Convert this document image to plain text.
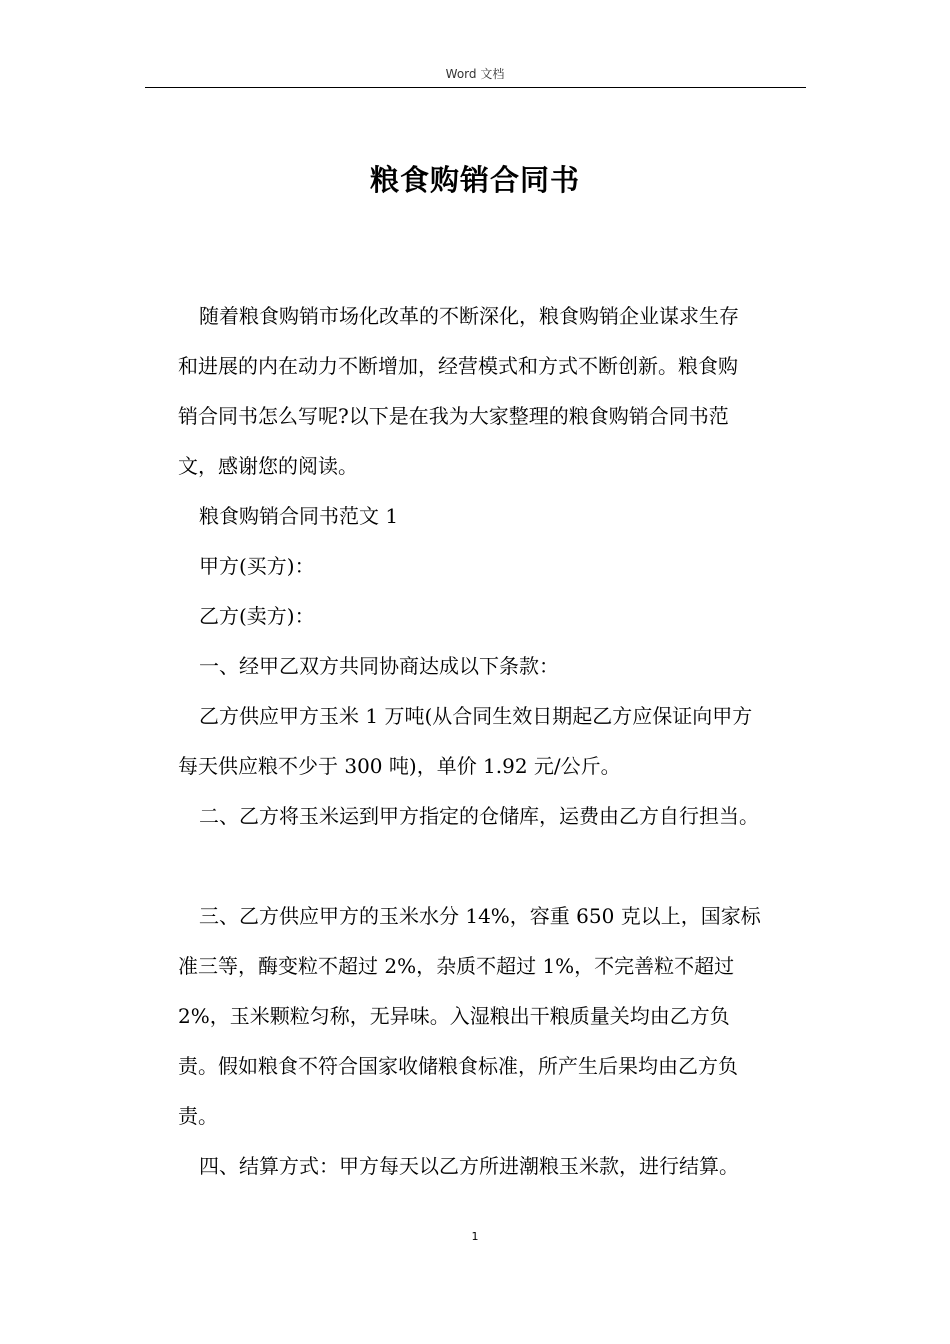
Word 文档
粮食购销合同书

随着粮食购销市场化改革的不断深化，粮食购销企业谋求生存

和进展的内在动力不断增加，经营模式和方式不断创新。粮食购

销合同书怎么写呢?以下是在我为大家整理的粮食购销合同书范

文，感谢您的阅读。

粮食购销合同书范文 1

甲方(买方)：

乙方(卖方)：

一、经甲乙双方共同协商达成以下条款：

乙方供应甲方玉米 1 万吨(从合同生效日期起乙方应保证向甲方

每天供应粮不少于 300 吨)，单价 1.92 元/公斤。

二、乙方将玉米运到甲方指定的仓储库，运费由乙方自行担当。

三、乙方供应甲方的玉米水分 14%，容重 650 克以上，国家标

准三等，酶变粒不超过 2%，杂质不超过 1%，不完善粒不超过

2%，玉米颗粒匀称，无异味。入湿粮出干粮质量关均由乙方负

责。假如粮食不符合国家收储粮食标准，所产生后果均由乙方负

责。

四、结算方式：甲方每天以乙方所进潮粮玉米款，进行结算。

1
